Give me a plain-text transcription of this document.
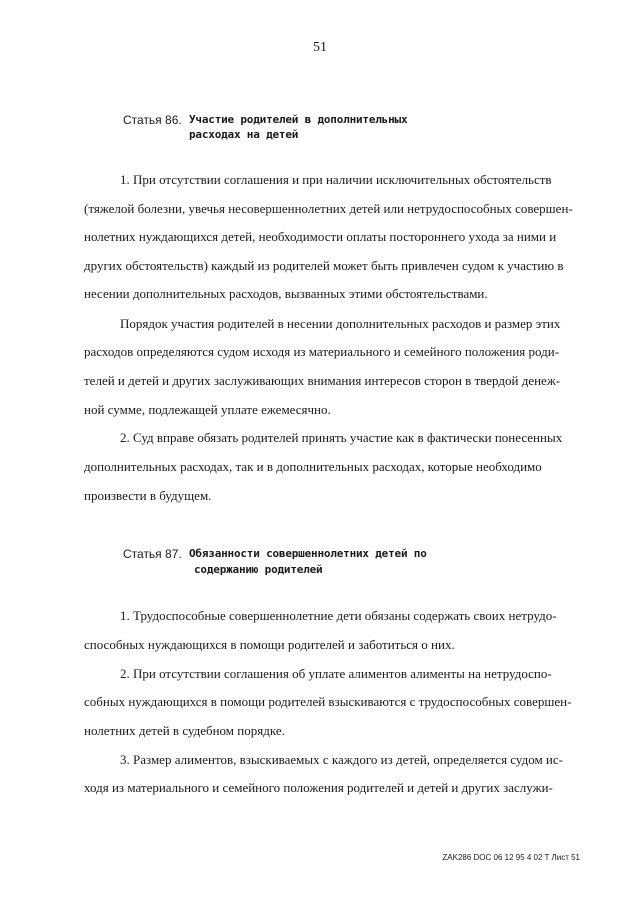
51
Статья 86. Участие родителей в дополнительных
расходах на детей
1. При отсутствии соглашения и при наличии исключительных обстоятельств
(тяжелой болезни, увечья несовершеннолетних детей или нетрудоспособных совершен-
нолетних нуждающихся детей, необходимости оплаты постороннего ухода за ними и
других обстоятельств) каждый из родителей может быть привлечен судом к участию в
несении дополнительных расходов, вызванных этими обстоятельствами.
Порядок участия родителей в несении дополнительных расходов и размер этих
расходов определяются судом исходя из материального и семейного положения роди-
телей и детей и других заслуживающих внимания интересов сторон в твердой денеж-
ной сумме, подлежащей уплате ежемесячно.
2. Суд вправе обязать родителей принять участие как в фактически понесенных
дополнительных расходах, так и в дополнительных расходах, которые необходимо
произвести в будущем.
Статья 87. Обязанности совершеннолетних детей по
содержанию родителей
1. Трудоспособные совершеннолетние дети обязаны содержать своих нетрудо-
способных нуждающихся в помощи родителей и заботиться о них.
2. При отсутствии соглашения об уплате алиментов алименты на нетрудоспо-
собных нуждающихся в помощи родителей взыскиваются с трудоспособных совершен-
нолетних детей в судебном порядке.
3. Размер алиментов, взыскиваемых с каждого из детей, определяется судом ис-
ходя из материального и семейного положения родителей и детей и других заслужи-
ZAK286 DOC 06 12 95 4 02 T Лист 51
